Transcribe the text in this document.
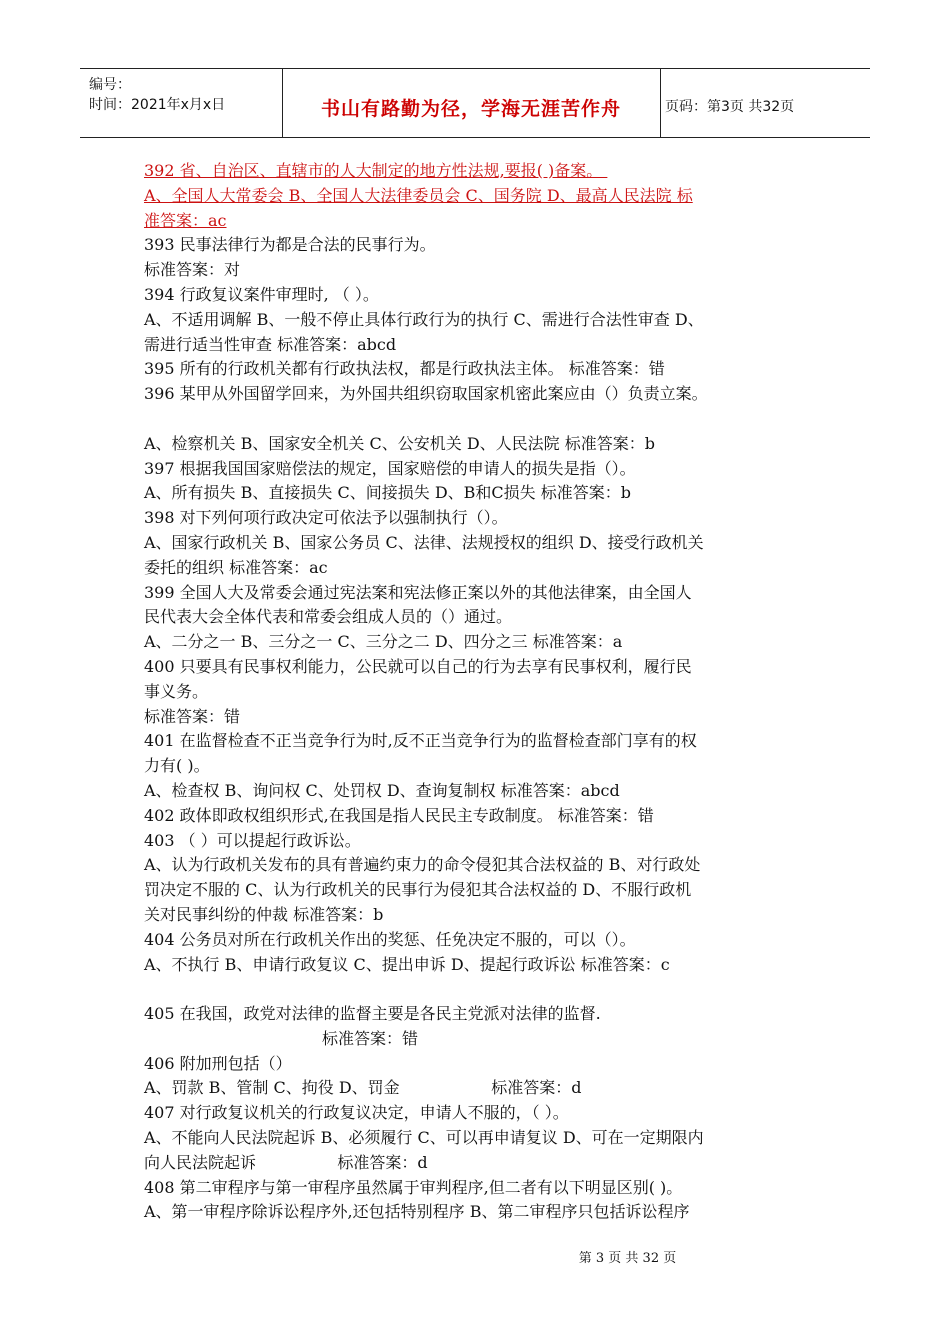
编号：
时间：2021年x月x日	书山有路勤为径，学海无涯苦作舟	页码：第3页 共32页
392 省、自治区、直辖市的人大制定的地方性法规,要报( )备案。
A、全国人大常委会 B、全国人大法律委员会 C、国务院 D、最高人民法院 标
准答案：ac
393 民事法律行为都是合法的民事行为。
标准答案：对
394 行政复议案件审理时, （ ）。
A、不适用调解 B、一般不停止具体行政行为的执行 C、需进行合法性审查 D、
需进行适当性审查 标准答案：abcd
395 所有的行政机关都有行政执法权，都是行政执法主体。 标准答案：错
396 某甲从外国留学回来，为外国共组织窃取国家机密此案应由（）负责立案。
A、检察机关 B、国家安全机关 C、公安机关 D、人民法院 标准答案：b
397 根据我国国家赔偿法的规定，国家赔偿的申请人的损失是指（）。
A、所有损失 B、直接损失 C、间接损失 D、B和C损失 标准答案：b
398 对下列何项行政决定可依法予以强制执行（）。
A、国家行政机关 B、国家公务员 C、法律、法规授权的组织 D、接受行政机关
委托的组织 标准答案：ac
399 全国人大及常委会通过宪法案和宪法修正案以外的其他法律案，由全国人
民代表大会全体代表和常委会组成人员的（）通过。
A、二分之一 B、三分之一 C、三分之二 D、四分之三 标准答案：a
400 只要具有民事权利能力，公民就可以自己的行为去享有民事权利，履行民
事义务。
标准答案：错
401 在监督检查不正当竞争行为时,反不正当竞争行为的监督检查部门享有的权
力有( )。
A、检查权 B、询问权 C、处罚权 D、查询复制权 标准答案：abcd
402 政体即政权组织形式,在我国是指人民民主专政制度。 标准答案：错
403 （ ）可以提起行政诉讼。
A、认为行政机关发布的具有普遍约束力的命令侵犯其合法权益的 B、对行政处
罚决定不服的 C、认为行政机关的民事行为侵犯其合法权益的 D、不服行政机
关对民事纠纷的仲裁 标准答案：b
404 公务员对所在行政机关作出的奖惩、任免决定不服的，可以（）。
A、不执行 B、申请行政复议 C、提出申诉 D、提起行政诉讼 标准答案：c
405 在我国，政党对法律的监督主要是各民主党派对法律的监督.
标准答案：错
406 附加刑包括（）
A、罚款 B、管制 C、拘役 D、罚金                  标准答案：d
407 对行政复议机关的行政复议决定，申请人不服的，（ ）。
A、不能向人民法院起诉 B、必须履行 C、可以再申请复议 D、可在一定期限内
向人民法院起诉                标准答案：d
408 第二审程序与第一审程序虽然属于审判程序,但二者有以下明显区别( )。
A、第一审程序除诉讼程序外,还包括特别程序 B、第二审程序只包括诉讼程序
第 3 页 共 32 页
